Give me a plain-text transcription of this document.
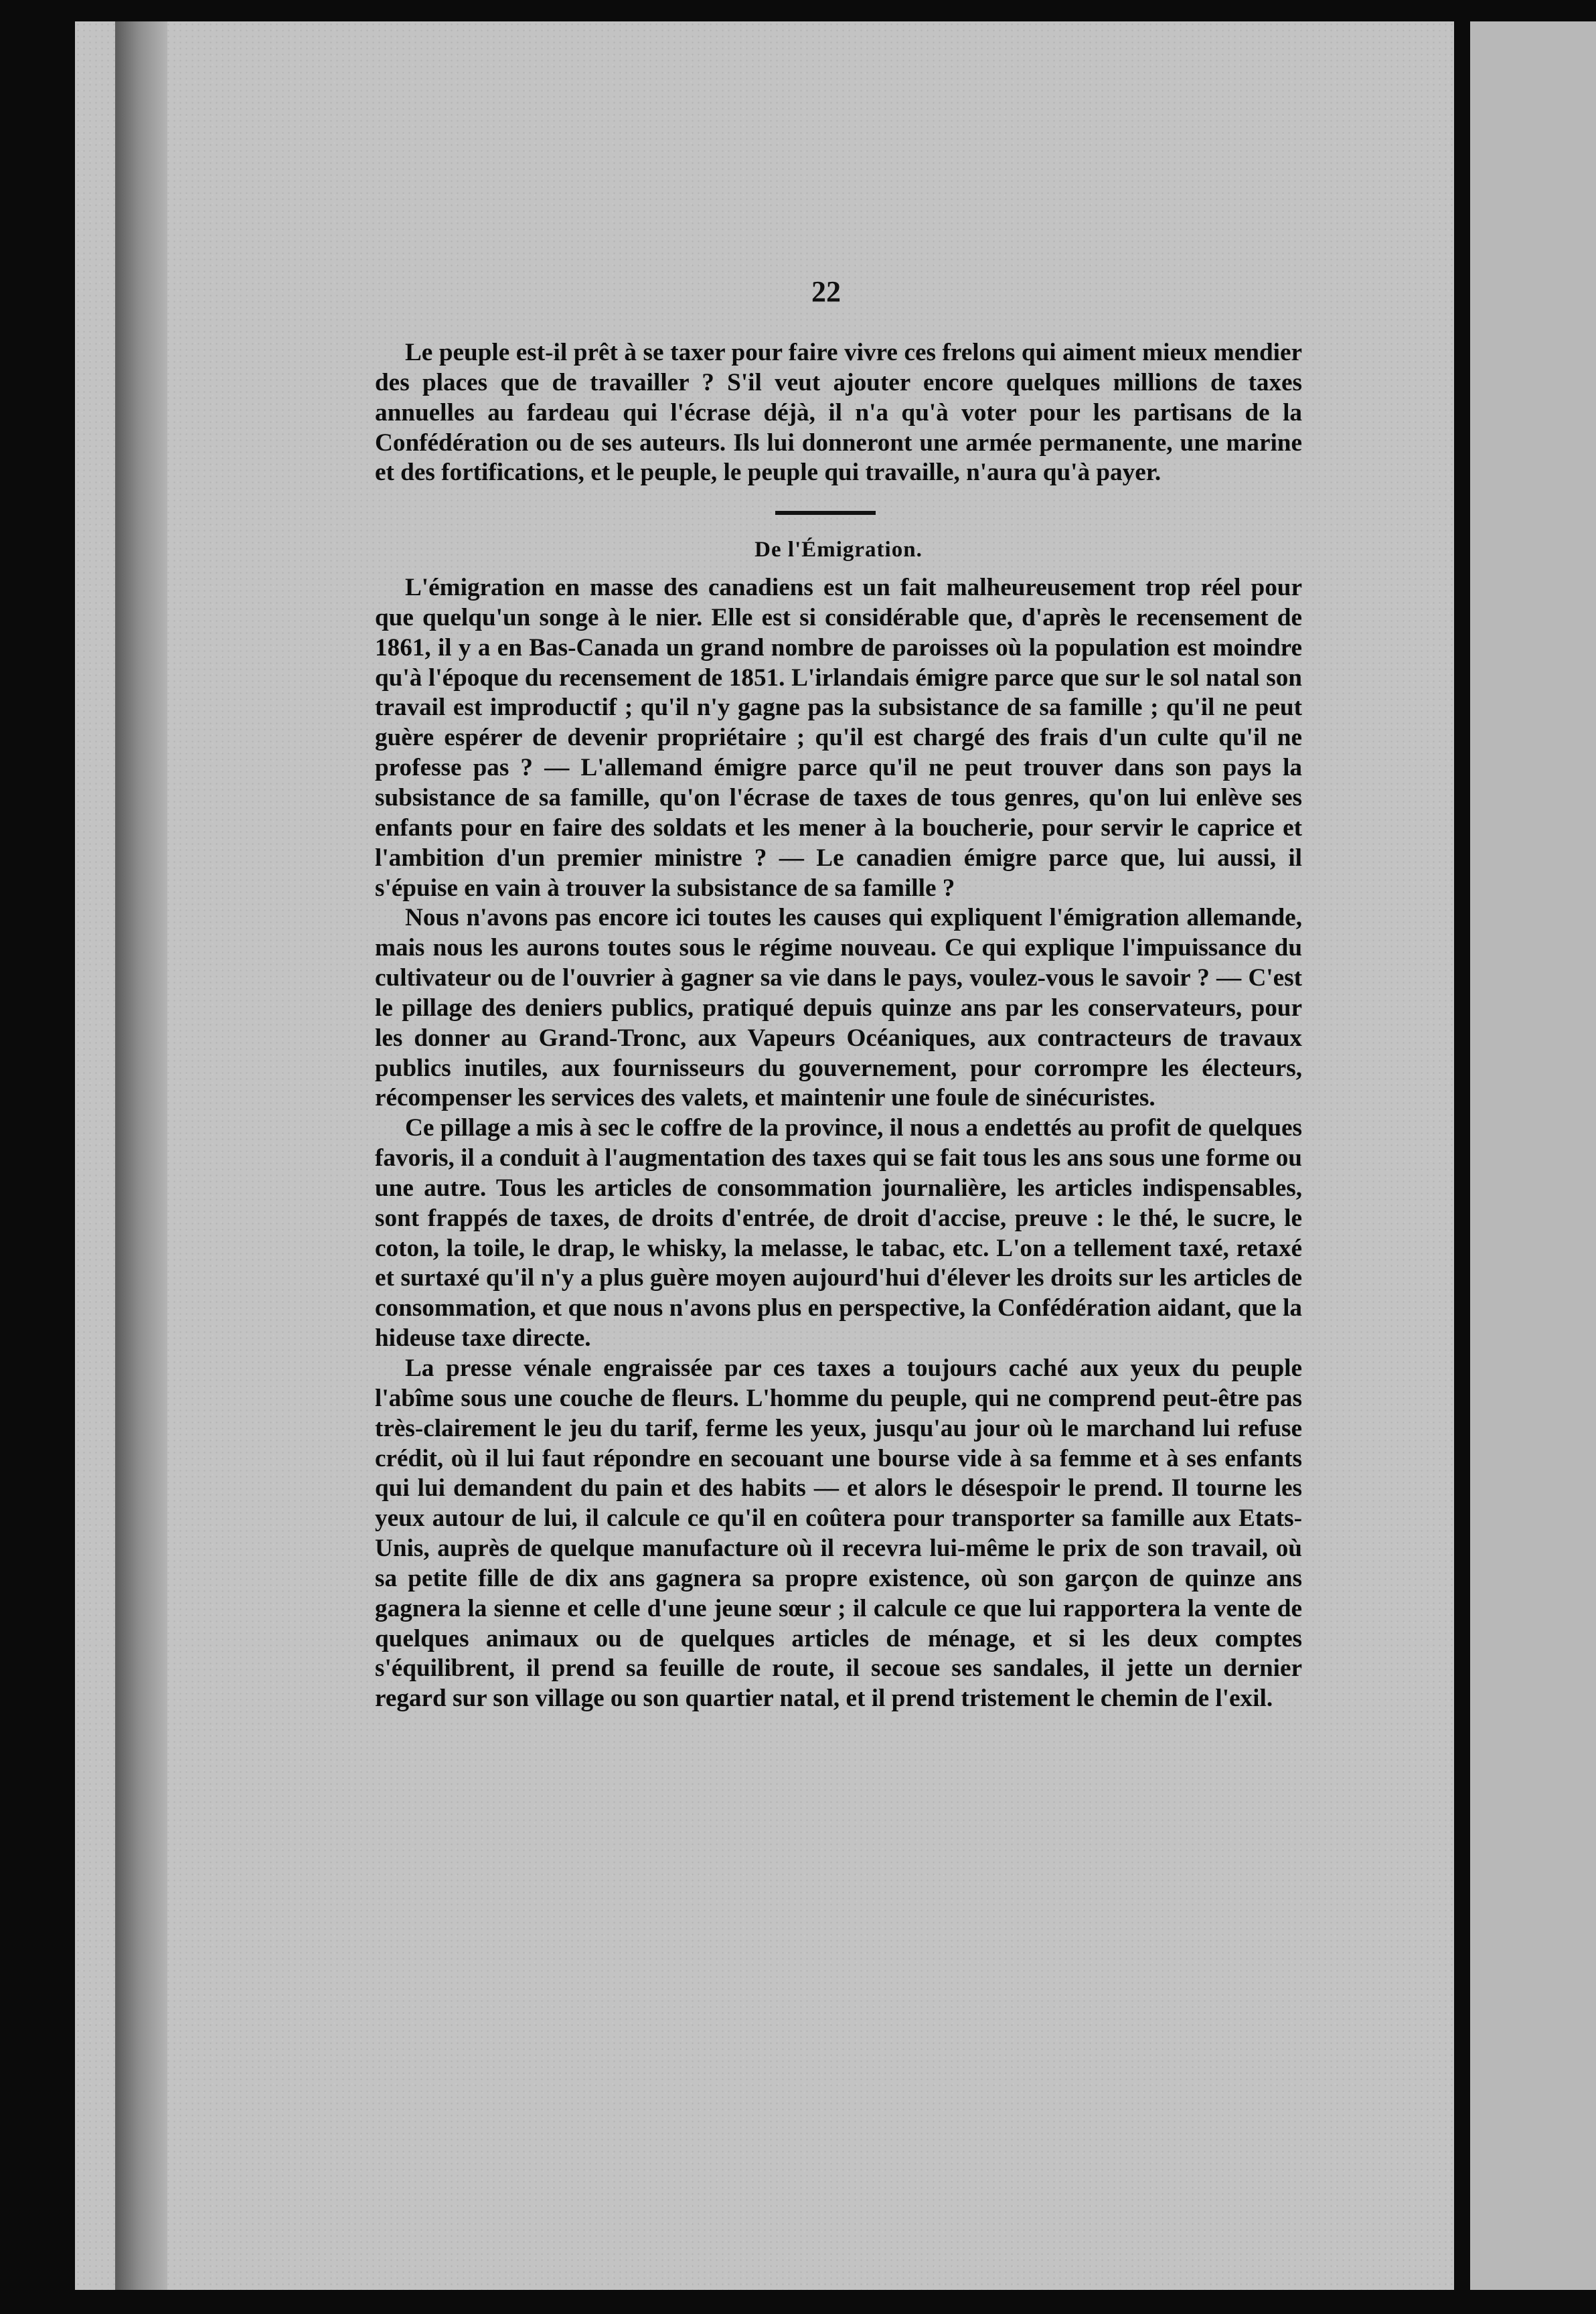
22

Le peuple est-il prêt à se taxer pour faire vivre ces frelons qui aiment mieux mendier des places que de travailler ? S'il veut ajouter encore quelques millions de taxes annuelles au fardeau qui l'écrase déjà, il n'a qu'à voter pour les partisans de la Confédération ou de ses auteurs. Ils lui donneront une armée permanente, une marine et des fortifications, et le peuple, le peuple qui travaille, n'aura qu'à payer.

De l'Émigration.

L'émigration en masse des canadiens est un fait malheureusement trop réel pour que quelqu'un songe à le nier. Elle est si considérable que, d'après le recensement de 1861, il y a en Bas-Canada un grand nombre de paroisses où la population est moindre qu'à l'époque du recensement de 1851. L'irlandais émigre parce que sur le sol natal son travail est improductif ; qu'il n'y gagne pas la subsistance de sa famille ; qu'il ne peut guère espérer de devenir propriétaire ; qu'il est chargé des frais d'un culte qu'il ne professe pas ? — L'allemand émigre parce qu'il ne peut trouver dans son pays la subsistance de sa famille, qu'on l'écrase de taxes de tous genres, qu'on lui enlève ses enfants pour en faire des soldats et les mener à la boucherie, pour servir le caprice et l'ambition d'un premier ministre ? — Le canadien émigre parce que, lui aussi, il s'épuise en vain à trouver la subsistance de sa famille ?

Nous n'avons pas encore ici toutes les causes qui expliquent l'émigration allemande, mais nous les aurons toutes sous le régime nouveau. Ce qui explique l'impuissance du cultivateur ou de l'ouvrier à gagner sa vie dans le pays, voulez-vous le savoir ? — C'est le pillage des deniers publics, pratiqué depuis quinze ans par les conservateurs, pour les donner au Grand-Tronc, aux Vapeurs Océaniques, aux contracteurs de travaux publics inutiles, aux fournisseurs du gouvernement, pour corrompre les électeurs, récompenser les services des valets, et maintenir une foule de sinécuristes.

Ce pillage a mis à sec le coffre de la province, il nous a endettés au profit de quelques favoris, il a conduit à l'augmentation des taxes qui se fait tous les ans sous une forme ou une autre. Tous les articles de consommation journalière, les articles indispensables, sont frappés de taxes, de droits d'entrée, de droit d'accise, preuve : le thé, le sucre, le coton, la toile, le drap, le whisky, la melasse, le tabac, etc. L'on a tellement taxé, retaxé et surtaxé qu'il n'y a plus guère moyen aujourd'hui d'élever les droits sur les articles de consommation, et que nous n'avons plus en perspective, la Confédération aidant, que la hideuse taxe directe.

La presse vénale engraissée par ces taxes a toujours caché aux yeux du peuple l'abîme sous une couche de fleurs. L'homme du peuple, qui ne comprend peut-être pas très-clairement le jeu du tarif, ferme les yeux, jusqu'au jour où le marchand lui refuse crédit, où il lui faut répondre en secouant une bourse vide à sa femme et à ses enfants qui lui demandent du pain et des habits — et alors le désespoir le prend. Il tourne les yeux autour de lui, il calcule ce qu'il en coûtera pour transporter sa famille aux Etats-Unis, auprès de quelque manufacture où il recevra lui-même le prix de son travail, où sa petite fille de dix ans gagnera sa propre existence, où son garçon de quinze ans gagnera la sienne et celle d'une jeune sœur ; il calcule ce que lui rapportera la vente de quelques animaux ou de quelques articles de ménage, et si les deux comptes s'équilibrent, il prend sa feuille de route, il secoue ses sandales, il jette un dernier regard sur son village ou son quartier natal, et il prend tristement le chemin de l'exil.
